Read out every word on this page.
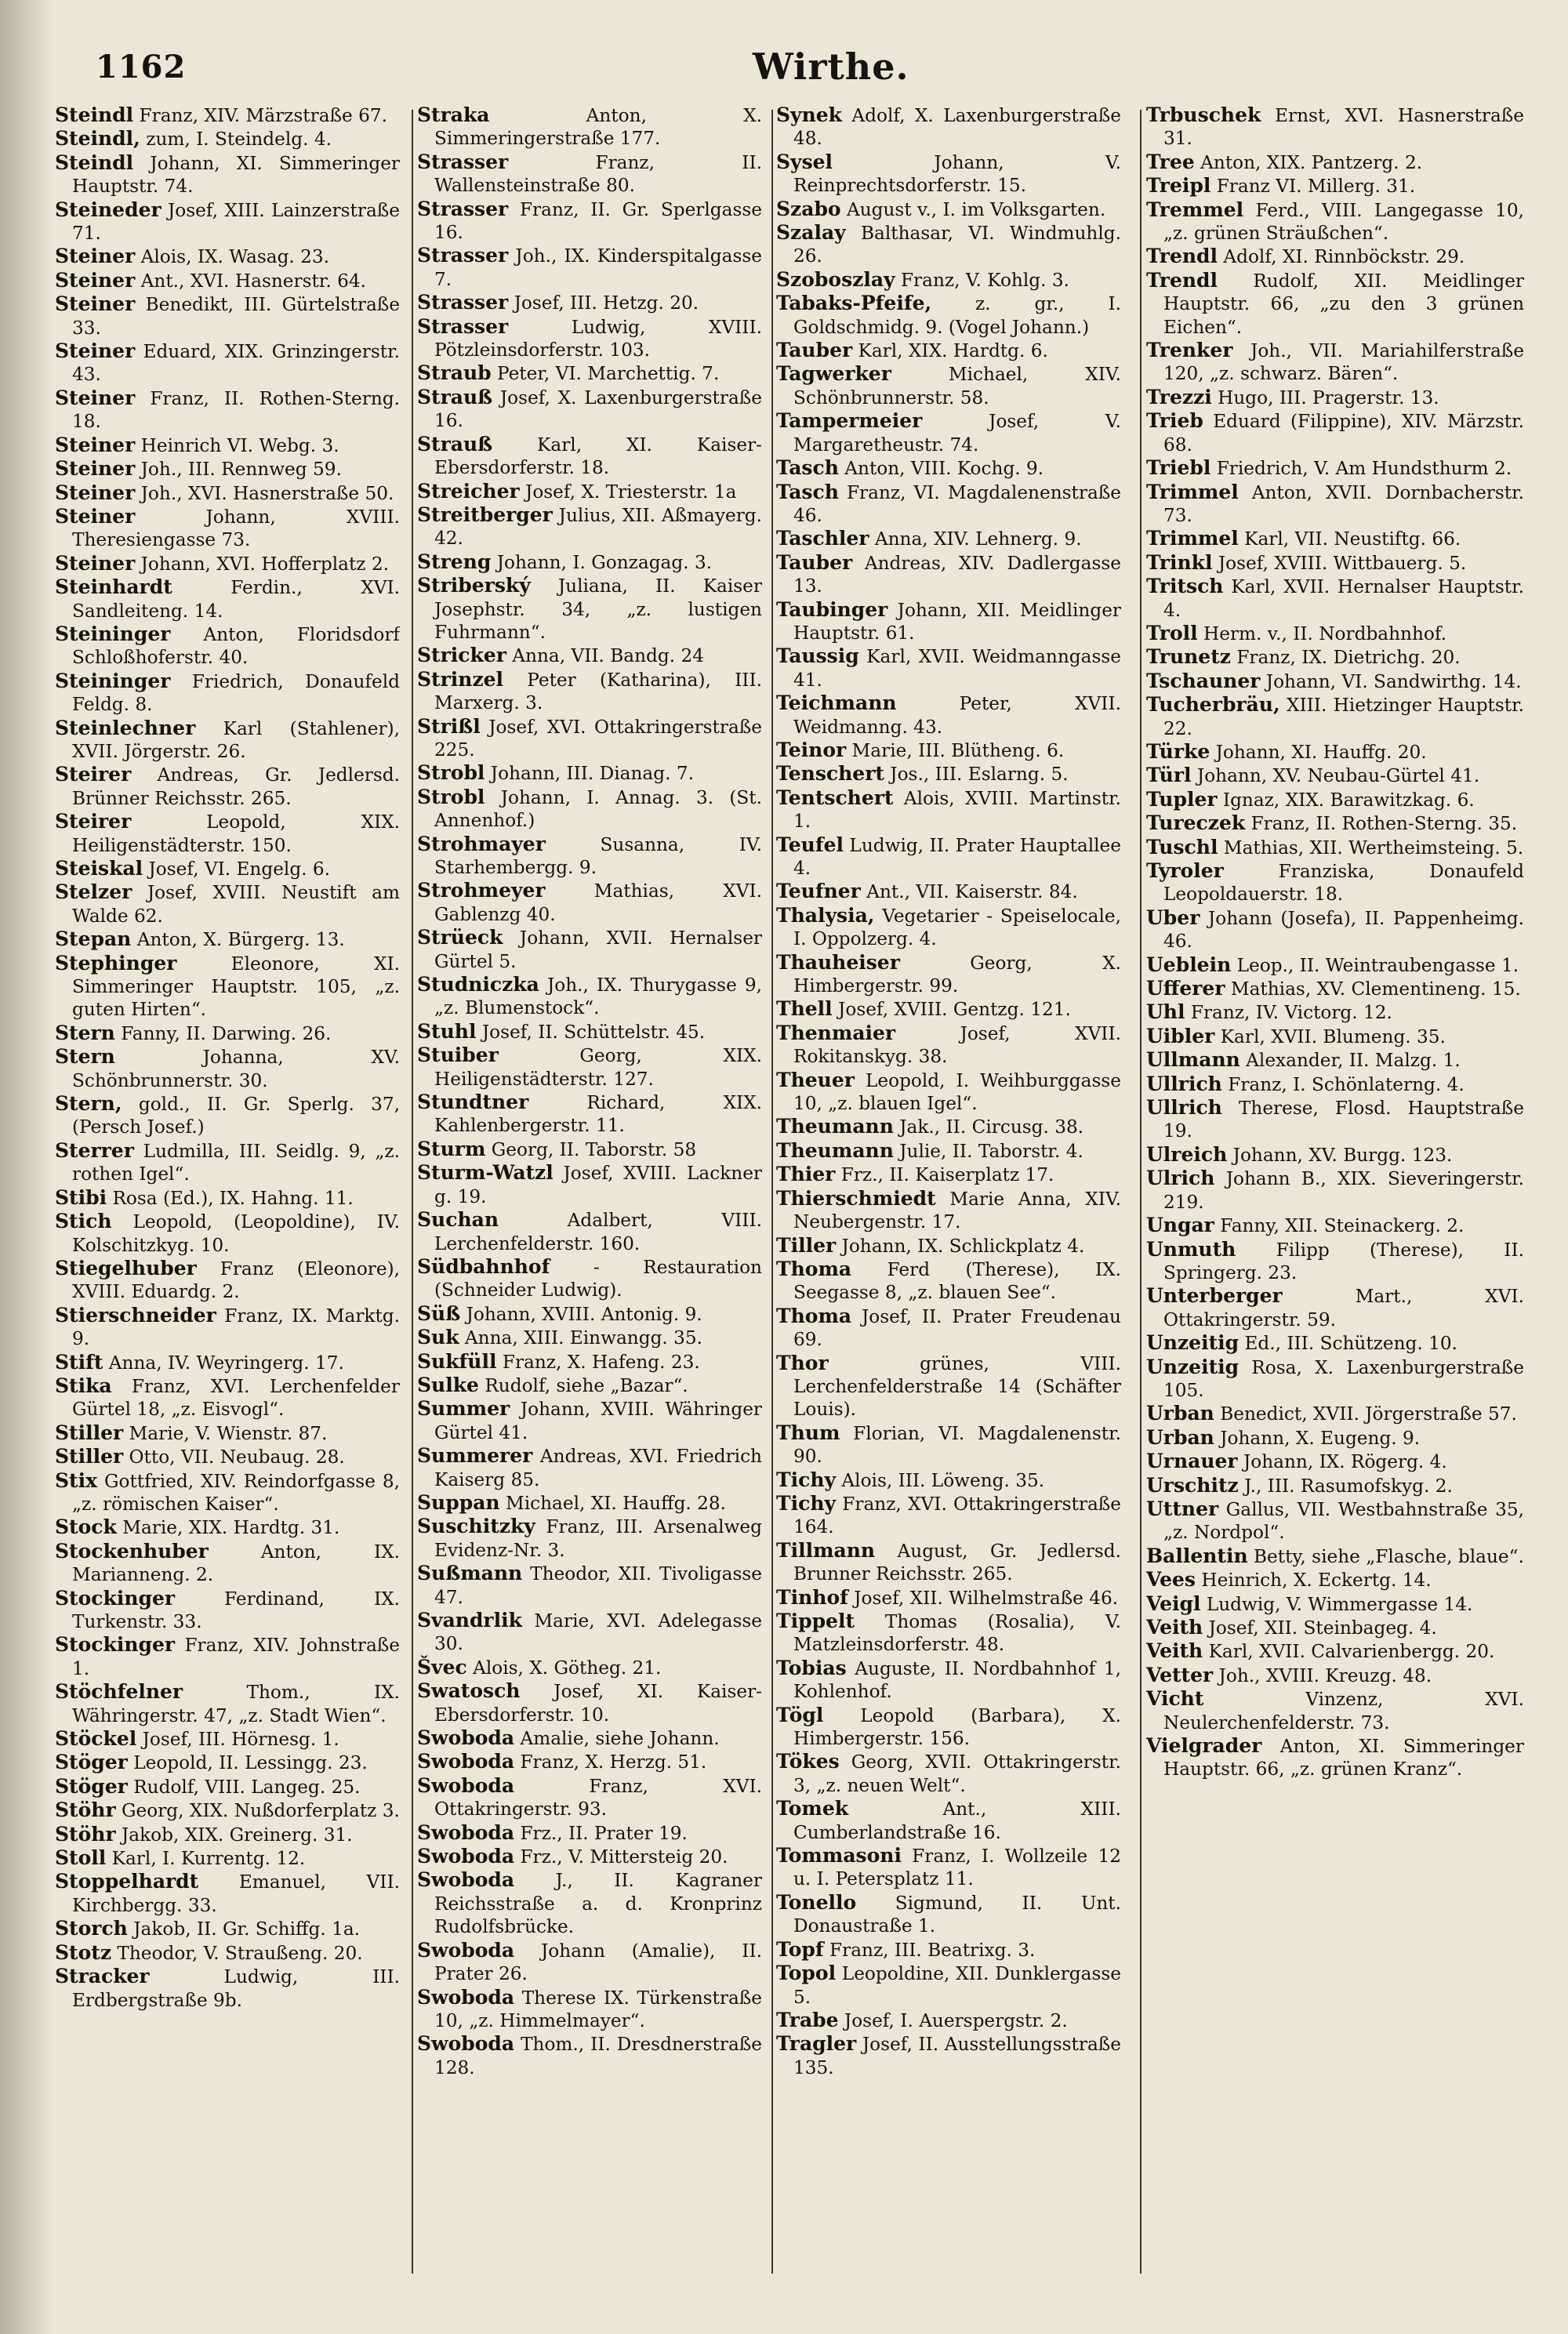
1162	Wirthe.

Steindl Franz, XIV. Märzstraße 67.

Steindl, zum, I. Steindelg. 4.

Steindl Johann, XI. Simmeringer Hauptstr. 74.

Steineder Josef, XIII. Lainzerstraße 71.

Steiner Alois, IX. Wasag. 23.

Steiner Ant., XVI. Hasnerstr. 64.

Steiner Benedikt, III. Gürtelstraße 33.

Steiner Eduard, XIX. Grinzingerstr. 43.

Steiner Franz, II. Rothen-Sterng. 18.

Steiner Heinrich VI. Webg. 3.

Steiner Joh., III. Rennweg 59.

Steiner Joh., XVI. Hasnerstraße 50.

Steiner Johann, XVIII. Theresiengasse 73.

Steiner Johann, XVI. Hofferplatz 2.

Steinhardt Ferdin., XVI. Sandleiteng. 14.

Steininger Anton, Floridsdorf Schloßhoferstr. 40.

Steininger Friedrich, Donaufeld Feldg. 8.

Steinlechner Karl (Stahlener), XVII. Jörgerstr. 26.

Steirer Andreas, Gr. Jedlersd. Brünner Reichsstr. 265.

Steirer Leopold, XIX. Heiligenstädterstr. 150.

Steiskal Josef, VI. Engelg. 6.

Stelzer Josef, XVIII. Neustift am Walde 62.

Stepan Anton, X. Bürgerg. 13.

Stephinger Eleonore, XI. Simmeringer Hauptstr. 105, „z. guten Hirten“.

Stern Fanny, II. Darwing. 26.

Stern Johanna, XV. Schönbrunnerstr. 30.

Stern, gold., II. Gr. Sperlg. 37, (Persch Josef.)

Sterrer Ludmilla, III. Seidlg. 9, „z. rothen Igel“.

Stibi Rosa (Ed.), IX. Hahng. 11.

Stich Leopold, (Leopoldine), IV. Kolschitzkyg. 10.

Stiegelhuber Franz (Eleonore), XVIII. Eduardg. 2.

Stierschneider Franz, IX. Marktg. 9.

Stift Anna, IV. Weyringerg. 17.

Stika Franz, XVI. Lerchenfelder Gürtel 18, „z. Eisvogl“.

Stiller Marie, V. Wienstr. 87.

Stiller Otto, VII. Neubaug. 28.

Stix Gottfried, XIV. Reindorfgasse 8, „z. römischen Kaiser“.

Stock Marie, XIX. Hardtg. 31.

Stockenhuber Anton, IX. Marianneng. 2.

Stockinger Ferdinand, IX. Turkenstr. 33.

Stockinger Franz, XIV. Johnstraße 1.

Stöchfelner Thom., IX. Währingerstr. 47, „z. Stadt Wien“.

Stöckel Josef, III. Hörnesg. 1.

Stöger Leopold, II. Lessingg. 23.

Stöger Rudolf, VIII. Langeg. 25.

Stöhr Georg, XIX. Nußdorferplatz 3.

Stöhr Jakob, XIX. Greinerg. 31.

Stoll Karl, I. Kurrentg. 12.

Stoppelhardt Emanuel, VII. Kirchbergg. 33.

Storch Jakob, II. Gr. Schiffg. 1a.

Stotz Theodor, V. Straußeng. 20.

Stracker Ludwig, III. Erdbergstraße 9b.

Straka Anton, X. Simmeringerstraße 177.

Strasser Franz, II. Wallensteinstraße 80.

Strasser Franz, II. Gr. Sperlgasse 16.

Strasser Joh., IX. Kinderspitalgasse 7.

Strasser Josef, III. Hetzg. 20.

Strasser Ludwig, XVIII. Pötzleinsdorferstr. 103.

Straub Peter, VI. Marchettig. 7.

Strauß Josef, X. Laxenburgerstraße 16.

Strauß Karl, XI. Kaiser-Ebersdorferstr. 18.

Streicher Josef, X. Triesterstr. 1a

Streitberger Julius, XII. Aßmayerg. 42.

Streng Johann, I. Gonzagag. 3.

Striberský Juliana, II. Kaiser Josephstr. 34, „z. lustigen Fuhrmann“.

Stricker Anna, VII. Bandg. 24

Strinzel Peter (Katharina), III. Marxerg. 3.

Strißl Josef, XVI. Ottakringerstraße 225.

Strobl Johann, III. Dianag. 7.

Strobl Johann, I. Annag. 3. (St. Annenhof.)

Strohmayer Susanna, IV. Starhembergg. 9.

Strohmeyer Mathias, XVI. Gablenzg 40.

Strüeck Johann, XVII. Hernalser Gürtel 5.

Studniczka Joh., IX. Thurygasse 9, „z. Blumenstock“.

Stuhl Josef, II. Schüttelstr. 45.

Stuiber Georg, XIX. Heiligenstädterstr. 127.

Stundtner Richard, XIX. Kahlenbergerstr. 11.

Sturm Georg, II. Taborstr. 58

Sturm-Watzl Josef, XVIII. Lackner g. 19.

Suchan Adalbert, VIII. Lerchenfelderstr. 160.

Südbahnhof - Restauration (Schneider Ludwig).

Süß Johann, XVIII. Antonig. 9.

Suk Anna, XIII. Einwangg. 35.

Sukfüll Franz, X. Hafeng. 23.

Sulke Rudolf, siehe „Bazar“.

Summer Johann, XVIII. Währinger Gürtel 41.

Summerer Andreas, XVI. Friedrich Kaiserg 85.

Suppan Michael, XI. Hauffg. 28.

Suschitzky Franz, III. Arsenalweg Evidenz-Nr. 3.

Sußmann Theodor, XII. Tivoligasse 47.

Svandrlik Marie, XVI. Adelegasse 30.

Švec Alois, X. Götheg. 21.

Swatosch Josef, XI. Kaiser-Ebersdorferstr. 10.

Swoboda Amalie, siehe Johann.

Swoboda Franz, X. Herzg. 51.

Swoboda Franz, XVI. Ottakringerstr. 93.

Swoboda Frz., II. Prater 19.

Swoboda Frz., V. Mittersteig 20.

Swoboda J., II. Kagraner Reichsstraße a. d. Kronprinz Rudolfsbrücke.

Swoboda Johann (Amalie), II. Prater 26.

Swoboda Therese IX. Türkenstraße 10, „z. Himmelmayer“.

Swoboda Thom., II. Dresdnerstraße 128.

Synek Adolf, X. Laxenburgerstraße 48.

Sysel Johann, V. Reinprechtsdorferstr. 15.

Szabo August v., I. im Volksgarten.

Szalay Balthasar, VI. Windmuhlg. 26.

Szoboszlay Franz, V. Kohlg. 3.

Tabaks-Pfeife, z. gr., I. Goldschmidg. 9. (Vogel Johann.)

Tauber Karl, XIX. Hardtg. 6.

Tagwerker Michael, XIV. Schönbrunnerstr. 58.

Tampermeier Josef, V. Margaretheustr. 74.

Tasch Anton, VIII. Kochg. 9.

Tasch Franz, VI. Magdalenenstraße 46.

Taschler Anna, XIV. Lehnerg. 9.

Tauber Andreas, XIV. Dadlergasse 13.

Taubinger Johann, XII. Meidlinger Hauptstr. 61.

Taussig Karl, XVII. Weidmanngasse 41.

Teichmann Peter, XVII. Weidmanng. 43.

Teinor Marie, III. Blütheng. 6.

Tenschert Jos., III. Eslarng. 5.

Tentschert Alois, XVIII. Martinstr. 1.

Teufel Ludwig, II. Prater Hauptallee 4.

Teufner Ant., VII. Kaiserstr. 84.

Thalysia, Vegetarier - Speiselocale, I. Oppolzerg. 4.

Thauheiser Georg, X. Himbergerstr. 99.

Thell Josef, XVIII. Gentzg. 121.

Thenmaier Josef, XVII. Rokitanskyg. 38.

Theuer Leopold, I. Weihburggasse 10, „z. blauen Igel“.

Theumann Jak., II. Circusg. 38.

Theumann Julie, II. Taborstr. 4.

Thier Frz., II. Kaiserplatz 17.

Thierschmiedt Marie Anna, XIV. Neubergenstr. 17.

Tiller Johann, IX. Schlickplatz 4.

Thoma Ferd (Therese), IX. Seegasse 8, „z. blauen See“.

Thoma Josef, II. Prater Freudenau 69.

Thor grünes, VIII. Lerchenfelderstraße 14 (Schäfter Louis).

Thum Florian, VI. Magdalenenstr. 90.

Tichy Alois, III. Löweng. 35.

Tichy Franz, XVI. Ottakringerstraße 164.

Tillmann August, Gr. Jedlersd. Brunner Reichsstr. 265.

Tinhof Josef, XII. Wilhelmstraße 46.

Tippelt Thomas (Rosalia), V. Matzleinsdorferstr. 48.

Tobias Auguste, II. Nordbahnhof 1, Kohlenhof.

Tögl Leopold (Barbara), X. Himbergerstr. 156.

Tökes Georg, XVII. Ottakringerstr. 3, „z. neuen Welt“.

Tomek Ant., XIII. Cumberlandstraße 16.

Tommasoni Franz, I. Wollzeile 12 u. I. Petersplatz 11.

Tonello Sigmund, II. Unt. Donaustraße 1.

Topf Franz, III. Beatrixg. 3.

Topol Leopoldine, XII. Dunklergasse 5.

Trabe Josef, I. Auerspergstr. 2.

Tragler Josef, II. Ausstellungsstraße 135.

Trbuschek Ernst, XVI. Hasnerstraße 31.

Tree Anton, XIX. Pantzerg. 2.

Treipl Franz VI. Millerg. 31.

Tremmel Ferd., VIII. Langegasse 10, „z. grünen Sträußchen“.

Trendl Adolf, XI. Rinnböckstr. 29.

Trendl Rudolf, XII. Meidlinger Hauptstr. 66, „zu den 3 grünen Eichen“.

Trenker Joh., VII. Mariahilferstraße 120, „z. schwarz. Bären“.

Trezzi Hugo, III. Pragerstr. 13.

Trieb Eduard (Filippine), XIV. Märzstr. 68.

Triebl Friedrich, V. Am Hundsthurm 2.

Trimmel Anton, XVII. Dornbacherstr. 73.

Trimmel Karl, VII. Neustiftg. 66.

Trinkl Josef, XVIII. Wittbauerg. 5.

Tritsch Karl, XVII. Hernalser Hauptstr. 4.

Troll Herm. v., II. Nordbahnhof.

Trunetz Franz, IX. Dietrichg. 20.

Tschauner Johann, VI. Sandwirthg. 14.

Tucherbräu, XIII. Hietzinger Hauptstr. 22.

Türke Johann, XI. Hauffg. 20.

Türl Johann, XV. Neubau-Gürtel 41.

Tupler Ignaz, XIX. Barawitzkag. 6.

Tureczek Franz, II. Rothen-Sterng. 35.

Tuschl Mathias, XII. Wertheimsteing. 5.

Tyroler Franziska, Donaufeld Leopoldauerstr. 18.

Uber Johann (Josefa), II. Pappenheimg. 46.

Ueblein Leop., II. Weintraubengasse 1.

Ufferer Mathias, XV. Clementineng. 15.

Uhl Franz, IV. Victorg. 12.

Uibler Karl, XVII. Blumeng. 35.

Ullmann Alexander, II. Malzg. 1.

Ullrich Franz, I. Schönlaterng. 4.

Ullrich Therese, Flosd. Hauptstraße 19.

Ulreich Johann, XV. Burgg. 123.

Ulrich Johann B., XIX. Sieveringerstr. 219.

Ungar Fanny, XII. Steinackerg. 2.

Unmuth Filipp (Therese), II. Springerg. 23.

Unterberger Mart., XVI. Ottakringerstr. 59.

Unzeitig Ed., III. Schützeng. 10.

Unzeitig Rosa, X. Laxenburgerstraße 105.

Urban Benedict, XVII. Jörgerstraße 57.

Urban Johann, X. Eugeng. 9.

Urnauer Johann, IX. Rögerg. 4.

Urschitz J., III. Rasumofskyg. 2.

Uttner Gallus, VII. Westbahnstraße 35, „z. Nordpol“.

Ballentin Betty, siehe „Flasche, blaue“.

Vees Heinrich, X. Eckertg. 14.

Veigl Ludwig, V. Wimmergasse 14.

Veith Josef, XII. Steinbageg. 4.

Veith Karl, XVII. Calvarienbergg. 20.

Vetter Joh., XVIII. Kreuzg. 48.

Vicht Vinzenz, XVI. Neulerchenfelderstr. 73.

Vielgrader Anton, XI. Simmeringer Hauptstr. 66, „z. grünen Kranz“.
